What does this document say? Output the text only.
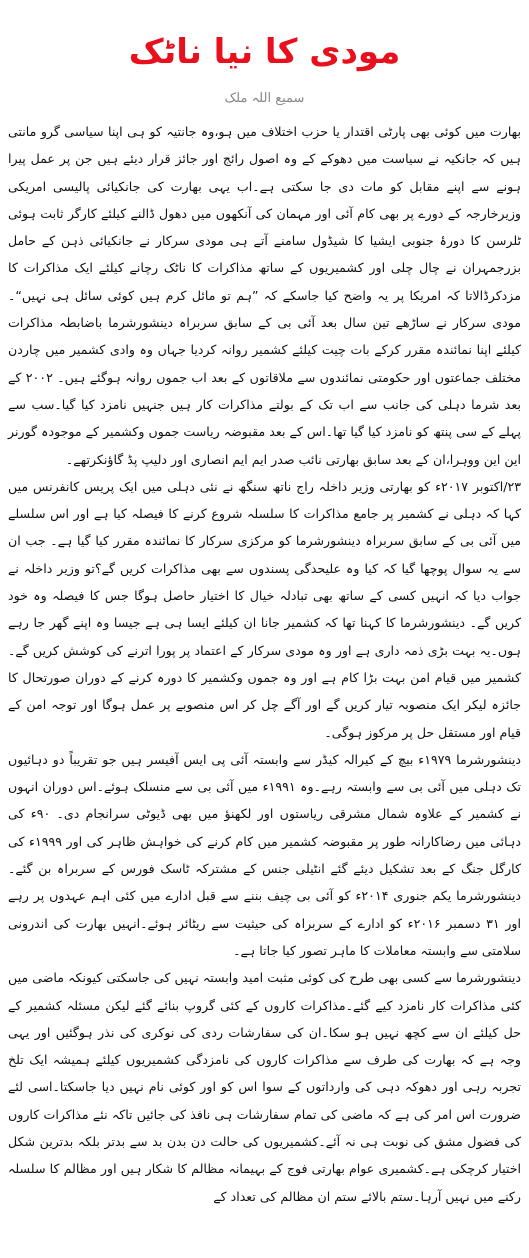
مودی کا نیا ناٹک
سمیع اللہ ملک

بھارت میں کوئی بھی پارٹی اقتدار یا حزب اختلاف میں ہو،وہ جانتیہ کو ہی اپنا سیاسی گرو مانتی ہیں کہ جانکیہ نے سیاست میں دھوکے کے وہ اصول رائج اور جائز قرار دیئے ہیں جن پر عمل پیرا ہونے سے اپنے مقابل کو مات دی جا سکتی ہے۔اب یہی بھارت کی جانکیائی پالیسی امریکی وزیرخارجہ کے دورے پر بھی کام آئی اور مہمان کی آنکھوں میں دھول ڈالنے کیلئے کارگر ثابت ہوئی ٹلرسن کا دورۂ جنوبی ایشیا کا شیڈول سامنے آتے ہی مودی سرکار نے جانکیائی ذہن کے حامل بزرجمہران نے چال چلی اور کشمیریوں کے ساتھ مذاکرات کا ناٹک رچانے کیلئے ایک مذاکرات کا مزدکرڈالاتا کہ امریکا پر یہ واضح کیا جاسکے کہ ”ہم تو مائل کرم ہیں کوئی سائل ہی نہیں“۔مودی سرکار نے ساڑھے تین سال بعد آئی بی کے سابق سربراہ دینشورشرما باضابطہ مذاکرات کیلئے اپنا نمائندہ مقرر کرکے بات چیت کیلئے کشمیر روانہ کردیا جہاں وہ وادی کشمیر میں چاردن مختلف جماعتوں اور حکومتی نمائندوں سے ملاقاتوں کے بعد اب جموں روانہ ہوگئے ہیں۔ ۲۰۰۲ کے بعد شرما دہلی کی جانب سے اب تک کے بولتے مذاکرات کار ہیں جنہیں نامزد کیا گیا۔سب سے پہلے کے سی پنتھ کو نامزد کیا گیا تھا۔اس کے بعد مقبوضہ ریاست جموں وکشمیر کے موجودہ گورنر این این ووہرا،ان کے بعد سابق بھارتی نائب صدر ایم ایم انصاری اور دلیپ پڈ گاؤنکرتھے۔

۲۳/اکتوبر ۲۰۱۷ء کو بھارتی وزیر داخلہ راج ناتھ سنگھ نے نئی دہلی میں ایک پریس کانفرنس میں کہا کہ دہلی نے کشمیر پر جامع مذاکرات کا سلسلہ شروع کرنے کا فیصلہ کیا ہے اور اس سلسلے میں آئی بی کے سابق سربراہ دینشورشرما کو مرکزی سرکار کا نمائندہ مقرر کیا گیا ہے۔ جب ان سے یہ سوال پوچھا گیا کہ کیا وہ علیحدگی پسندوں سے بھی مذاکرات کریں گے؟تو وزیر داخلہ نے جواب دیا کہ انہیں کسی کے ساتھ بھی تبادلہ خیال کا اختیار حاصل ہوگا جس کا فیصلہ وہ خود کریں گے۔ دینشورشرما کا کہنا تھا کہ کشمیر جانا ان کیلئے ایسا ہی ہے جیسا وہ اپنے گھر جا رہے ہوں۔یہ بہت بڑی ذمہ داری ہے اور وہ مودی سرکار کے اعتماد پر پورا اترنے کی کوشش کریں گے۔کشمیر میں قیام امن بہت بڑا کام ہے اور وہ جموں وکشمیر کا دورہ کرنے کے دوران صورتحال کا جائزہ لیکر ایک منصوبہ تیار کریں گے اور آگے چل کر اس منصوبے پر عمل ہوگا اور توجہ امن کے قیام اور مستقل حل پر مرکوز ہوگی۔

دینشورشرما ۱۹۷۹ء بیچ کے کیرالہ کیڈر سے وابستہ آئی پی ایس آفیسر ہیں جو تقریباً دو دہائیوں تک دہلی میں آئی بی سے وابستہ رہے۔وہ ۱۹۹۱ء میں آئی بی سے منسلک ہوئے۔اس دوران انہوں نے کشمیر کے علاوہ شمال مشرقی ریاستوں اور لکھنؤ میں بھی ڈیوٹی سرانجام دی۔ ۹۰ء کی دہائی میں رضاکارانہ طور پر مقبوضہ کشمیر میں کام کرنے کی خواہش ظاہر کی اور ۱۹۹۹ء کی کارگل جنگ کے بعد تشکیل دیئے گئے انٹیلی جنس کے مشترکہ ٹاسک فورس کے سربراہ بن گئے۔ دینشورشرما یکم جنوری ۲۰۱۴ء کو آئی بی چیف بننے سے قبل ادارے میں کئی اہم عہدوں پر رہے اور ۳۱ دسمبر ۲۰۱۶ء کو ادارے کے سربراہ کی حیثیت سے ریٹائر ہوئے۔انہیں بھارت کی اندرونی سلامتی سے وابستہ معاملات کا ماہر تصور کیا جاتا ہے۔

دینشورشرما سے کسی بھی طرح کی کوئی مثبت امید وابستہ نہیں کی جاسکتی کیونکہ ماضی میں کئی مذاکرات کار نامزد کیے گئے۔مذاکرات کاروں کے کئی گروپ بنائے گئے لیکن مسئلہ کشمیر کے حل کیلئے ان سے کچھ نہیں ہو سکا۔ان کی سفارشات ردی کی نوکری کی نذر ہوگئیں اور یہی وجہ ہے کہ بھارت کی طرف سے مذاکرات کاروں کی نامزدگی کشمیریوں کیلئے ہمیشہ ایک تلخ تجربہ رہی اور دھوکہ دہی کی وارداتوں کے سوا اس کو اور کوئی نام نہیں دیا جاسکتا۔اسی لئے ضرورت اس امر کی ہے کہ ماضی کی تمام سفارشات ہی نافذ کی جائیں تاکہ نئے مذاکرات کاروں کی فضول مشق کی نوبت ہی نہ آئے۔کشمیریوں کی حالت دن بدن بد سے بدتر بلکہ بدترین شکل اختیار کرچکی ہے۔کشمیری عوام بھارتی فوج کے بہیمانہ مظالم کا شکار ہیں اور مظالم کا سلسلہ رکنے میں نہیں آرہا۔ستم بالائے ستم ان مظالم کی تعداد کے
